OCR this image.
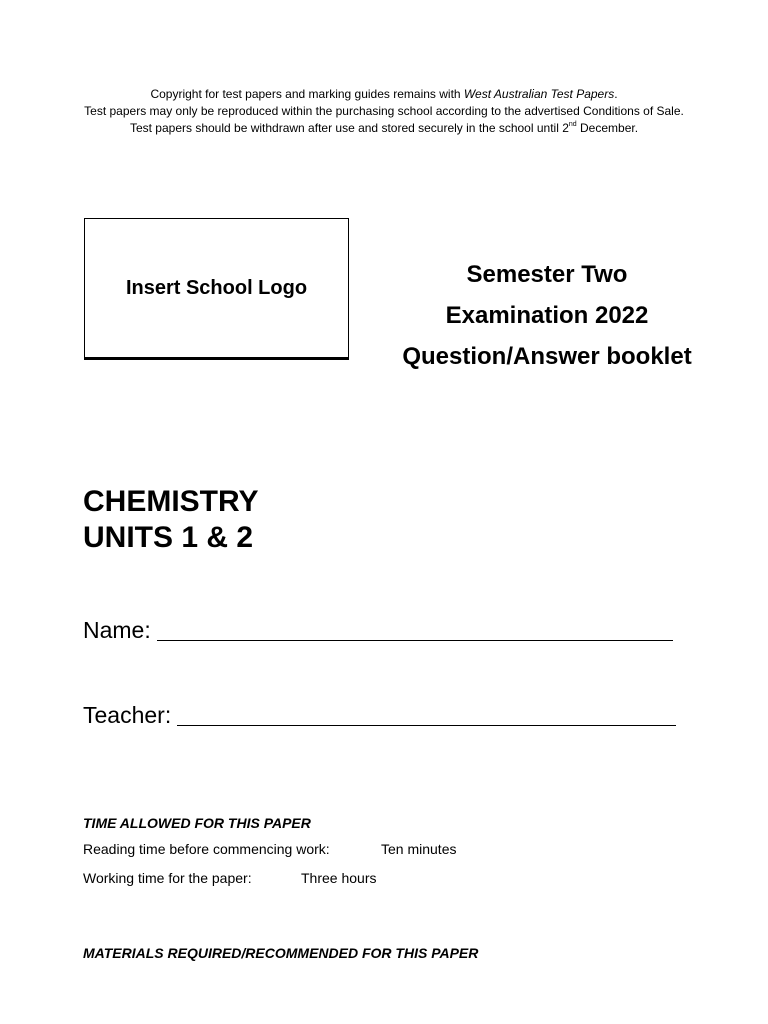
Copyright for test papers and marking guides remains with West Australian Test Papers.
Test papers may only be reproduced within the purchasing school according to the advertised Conditions of Sale.
Test papers should be withdrawn after use and stored securely in the school until 2nd December.
Insert School Logo	Semester Two
Examination 2022
Question/Answer booklet
CHEMISTRY
UNITS 1 & 2
Name:
Teacher:
TIME ALLOWED FOR THIS PAPER
Reading time before commencing work:	Ten minutes
Working time for the paper:	Three hours
MATERIALS REQUIRED/RECOMMENDED FOR THIS PAPER
